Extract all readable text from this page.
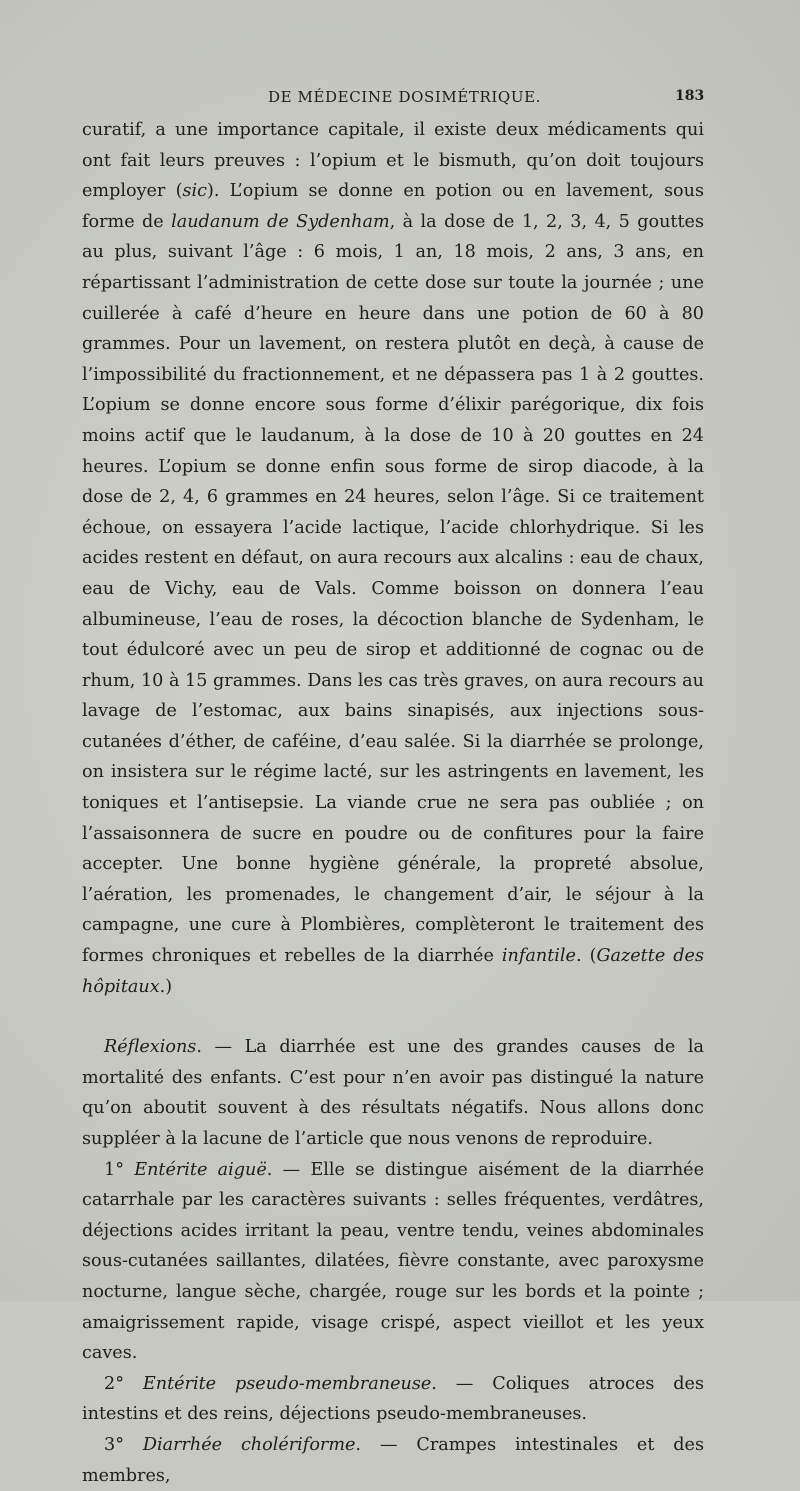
DE MÉDECINE DOSIMÉTRIQUE.	183

curatif, a une importance capitale, il existe deux médicaments qui ont fait leurs preuves : l’opium et le bismuth, qu’on doit toujours employer (sic). L’opium se donne en potion ou en lavement, sous forme de laudanum de Sydenham, à la dose de 1, 2, 3, 4, 5 gouttes au plus, suivant l’âge : 6 mois, 1 an, 18 mois, 2 ans, 3 ans, en répartissant l’administration de cette dose sur toute la journée ; une cuillerée à café d’heure en heure dans une potion de 60 à 80 grammes. Pour un lavement, on restera plutôt en deçà, à cause de l’impossibilité du fractionnement, et ne dépassera pas 1 à 2 gouttes. L’opium se donne encore sous forme d’élixir parégorique, dix fois moins actif que le laudanum, à la dose de 10 à 20 gouttes en 24 heures. L’opium se donne enfin sous forme de sirop diacode, à la dose de 2, 4, 6 grammes en 24 heures, selon l’âge. Si ce traitement échoue, on essayera l’acide lactique, l’acide chlorhydrique. Si les acides restent en défaut, on aura recours aux alcalins : eau de chaux, eau de Vichy, eau de Vals. Comme boisson on donnera l’eau albumineuse, l’eau de roses, la décoction blanche de Sydenham, le tout édulcoré avec un peu de sirop et additionné de cognac ou de rhum, 10 à 15 grammes. Dans les cas très graves, on aura recours au lavage de l’estomac, aux bains sinapisés, aux injections sous-cutanées d’éther, de caféine, d’eau salée. Si la diarrhée se prolonge, on insistera sur le régime lacté, sur les astringents en lavement, les toniques et l’antisepsie. La viande crue ne sera pas oubliée ; on l’assaisonnera de sucre en poudre ou de confitures pour la faire accepter. Une bonne hygiène générale, la propreté absolue, l’aération, les promenades, le changement d’air, le séjour à la campagne, une cure à Plombières, complèteront le traitement des formes chroniques et rebelles de la diarrhée infantile. (Gazette des hôpitaux.)

Réflexions. — La diarrhée est une des grandes causes de la mortalité des enfants. C’est pour n’en avoir pas distingué la nature qu’on aboutit souvent à des résultats négatifs. Nous allons donc suppléer à la lacune de l’article que nous venons de reproduire.

1° Entérite aiguë. — Elle se distingue aisément de la diarrhée catarrhale par les caractères suivants : selles fréquentes, verdâtres, déjections acides irritant la peau, ventre tendu, veines abdominales sous-cutanées saillantes, dilatées, fièvre constante, avec paroxysme nocturne, langue sèche, chargée, rouge sur les bords et la pointe ; amaigrissement rapide, visage crispé, aspect vieillot et les yeux caves.

2° Entérite pseudo-membraneuse. — Coliques atroces des intestins et des reins, déjections pseudo-membraneuses.

3° Diarrhée cholériforme. — Crampes intestinales et des membres,
